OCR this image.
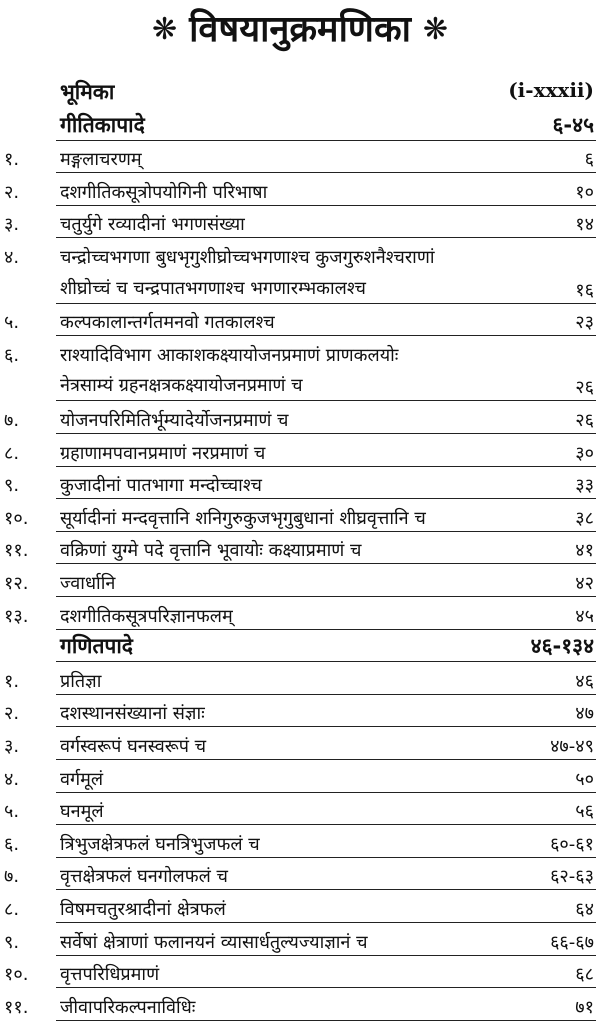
❋ विषयानुक्रमणिका ❋
भूमिका	(i-xxxii)
गीतिकापादे	६-४५
१. मङ्गलाचरणम्	६
२. दशगीतिकसूत्रोपयोगिनी परिभाषा	१०
३. चतुर्युगे रव्यादीनां भगणसंख्या	१४
४. चन्द्रोच्चभगणा बुधभृगुशीघ्रोच्चभगणाश्च कुजगुरुशनैश्चराणां
शीघ्रोच्चं च चन्द्रपातभगणाश्च भगणारम्भकालश्च	१६
५. कल्पकालान्तर्गतमनवो गतकालश्च	२३
६. राश्यादिविभाग आकाशकक्ष्यायोजनप्रमाणं प्राणकलयोः
नेत्रसाम्यं ग्रहनक्षत्रकक्ष्यायोजनप्रमाणं च	२६
७. योजनपरिमितिर्भूम्यादेर्योजनप्रमाणं च	२६
८. ग्रहाणामपवानप्रमाणं नरप्रमाणं च	३०
९. कुजादीनां पातभागा मन्दोच्चाश्च	३३
१०. सूर्यादीनां मन्दवृत्तानि शनिगुरुकुजभृगुबुधानां शीघ्रवृत्तानि च	३८
११. वक्रिणां युग्मे पदे वृत्तानि भूवायोः कक्ष्याप्रमाणं च	४१
१२. ज्वार्धानि	४२
१३. दशगीतिकसूत्रपरिज्ञानफलम्	४५
गणितपादे	४६-१३४
१. प्रतिज्ञा	४६
२. दशस्थानसंख्यानां संज्ञाः	४७
३. वर्गस्वरूपं घनस्वरूपं च	४७-४९
४. वर्गमूलं	५०
५. घनमूलं	५६
६. त्रिभुजक्षेत्रफलं घनत्रिभुजफलं च	६०-६१
७. वृत्तक्षेत्रफलं घनगोलफलं च	६२-६३
८. विषमचतुरश्रादीनां क्षेत्रफलं	६४
९. सर्वेषां क्षेत्राणां फलानयनं व्यासार्धतुल्यज्याज्ञानं च	६६-६७
१०. वृत्तपरिधिप्रमाणं	६८
११. जीवापरिकल्पनाविधिः	७१
